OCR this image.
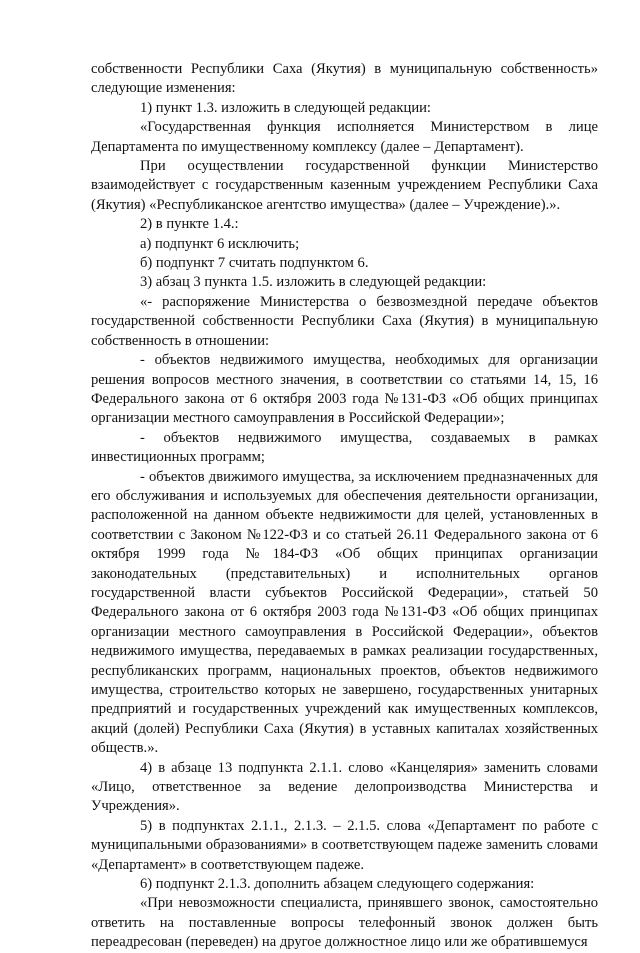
собственности Республики Саха (Якутия) в муниципальную собственность» следующие изменения:

1) пункт 1.3. изложить в следующей редакции:

«Государственная функция исполняется Министерством в лице Департамента по имущественному комплексу (далее – Департамент).

При осуществлении государственной функции Министерство взаимодействует с государственным казенным учреждением Республики Саха (Якутия) «Республиканское агентство имущества» (далее – Учреждение).».

2) в пункте 1.4.:

а) подпункт 6 исключить;

б) подпункт 7 считать подпунктом 6.

3) абзац 3 пункта 1.5. изложить в следующей редакции:

«- распоряжение Министерства о безвозмездной передаче объектов государственной собственности Республики Саха (Якутия) в муниципальную собственность в отношении:

- объектов недвижимого имущества, необходимых для организации решения вопросов местного значения, в соответствии со статьями 14, 15, 16 Федерального закона от 6 октября 2003 года №131-ФЗ «Об общих принципах организации местного самоуправления в Российской Федерации»;

- объектов недвижимого имущества, создаваемых в рамках инвестиционных программ;

- объектов движимого имущества, за исключением предназначенных для его обслуживания и используемых для обеспечения деятельности организации, расположенной на данном объекте недвижимости для целей, установленных в соответствии с Законом №122-ФЗ и со статьей 26.11 Федерального закона от 6 октября 1999 года №184-ФЗ «Об общих принципах организации законодательных (представительных) и исполнительных органов государственной власти субъектов Российской Федерации», статьей 50 Федерального закона от 6 октября 2003 года №131-ФЗ «Об общих принципах организации местного самоуправления в Российской Федерации», объектов недвижимого имущества, передаваемых в рамках реализации государственных, республиканских программ, национальных проектов, объектов недвижимого имущества, строительство которых не завершено, государственных унитарных предприятий и государственных учреждений как имущественных комплексов, акций (долей) Республики Саха (Якутия) в уставных капиталах хозяйственных обществ.».

4) в абзаце 13 подпункта 2.1.1. слово «Канцелярия» заменить словами «Лицо, ответственное за ведение делопроизводства Министерства и Учреждения».

5) в подпунктах 2.1.1., 2.1.3. – 2.1.5. слова «Департамент по работе с муниципальными образованиями» в соответствующем падеже заменить словами «Департамент» в соответствующем падеже.

6) подпункт 2.1.3. дополнить абзацем следующего содержания:

«При невозможности специалиста, принявшего звонок, самостоятельно ответить на поставленные вопросы телефонный звонок должен быть переадресован (переведен) на другое должностное лицо или же обратившемуся
